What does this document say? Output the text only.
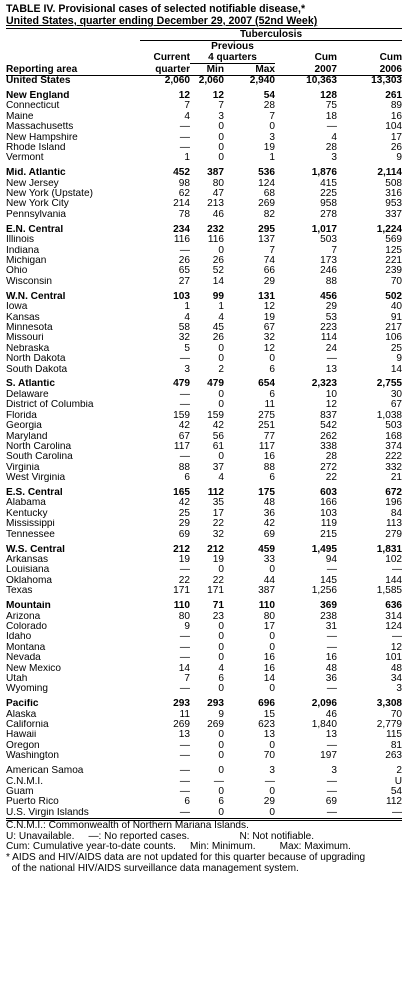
TABLE IV. Provisional cases of selected notifiable disease,*
United States, quarter ending December 29, 2007 (52nd Week)
	Tuberculosis				
		Previous			
	Current	4 quarters		Cum	Cum
Reporting area	quarter	Min	Max	2007	2006
United States	2,060	2,060	2,940	10,363	13,303

New England	12	12	54	128	261
Connecticut	7	7	28	75	89
Maine	4	3	7	18	16
Massachusetts	—	0	0	—	104
New Hampshire	—	0	3	4	17
Rhode Island	—	0	19	28	26
Vermont	1	0	1	3	9

Mid. Atlantic	452	387	536	1,876	2,114
New Jersey	98	80	124	415	508
New York (Upstate)	62	47	68	225	316
New York City	214	213	269	958	953
Pennsylvania	78	46	82	278	337

E.N. Central	234	232	295	1,017	1,224
Illinois	116	116	137	503	569
Indiana	—	0	7	7	125
Michigan	26	26	74	173	221
Ohio	65	52	66	246	239
Wisconsin	27	14	29	88	70

W.N. Central	103	99	131	456	502
Iowa	1	1	12	29	40
Kansas	4	4	19	53	91
Minnesota	58	45	67	223	217
Missouri	32	26	32	114	106
Nebraska	5	0	12	24	25
North Dakota	—	0	0	—	9
South Dakota	3	2	6	13	14

S. Atlantic	479	479	654	2,323	2,755
Delaware	—	0	6	10	30
District of Columbia	—	0	11	12	67
Florida	159	159	275	837	1,038
Georgia	42	42	251	542	503
Maryland	67	56	77	262	168
North Carolina	117	61	117	338	374
South Carolina	—	0	16	28	222
Virginia	88	37	88	272	332
West Virginia	6	4	6	22	21

E.S. Central	165	112	175	603	672
Alabama	42	35	48	166	196
Kentucky	25	17	36	103	84
Mississippi	29	22	42	119	113
Tennessee	69	32	69	215	279

W.S. Central	212	212	459	1,495	1,831
Arkansas	19	19	33	94	102
Louisiana	—	0	0	—	—
Oklahoma	22	22	44	145	144
Texas	171	171	387	1,256	1,585

Mountain	110	71	110	369	636
Arizona	80	23	80	238	314
Colorado	9	0	17	31	124
Idaho	—	0	0	—	—
Montana	—	0	0	—	12
Nevada	—	0	16	16	101
New Mexico	14	4	16	48	48
Utah	7	6	14	36	34
Wyoming	—	0	0	—	3

Pacific	293	293	696	2,096	3,308
Alaska	11	9	15	46	70
California	269	269	623	1,840	2,779
Hawaii	13	0	13	13	115
Oregon	—	0	0	—	81
Washington	—	0	70	197	263

American Samoa	—	0	3	3	2
C.N.M.I.	—	—	—	—	U
Guam	—	0	0	—	54
Puerto Rico	6	6	29	69	112
U.S. Virgin Islands	—	0	0	—	—
C.N.M.I.: Commonwealth of Northern Mariana Islands.
U: Unavailable. —: No reported cases.	N: Not notifiable.
Cum: Cumulative year-to-date counts. Min: Minimum. Max: Maximum.
* AIDS and HIV/AIDS data are not updated for this quarter because of upgrading
of the national HIV/AIDS surveillance data management system.
